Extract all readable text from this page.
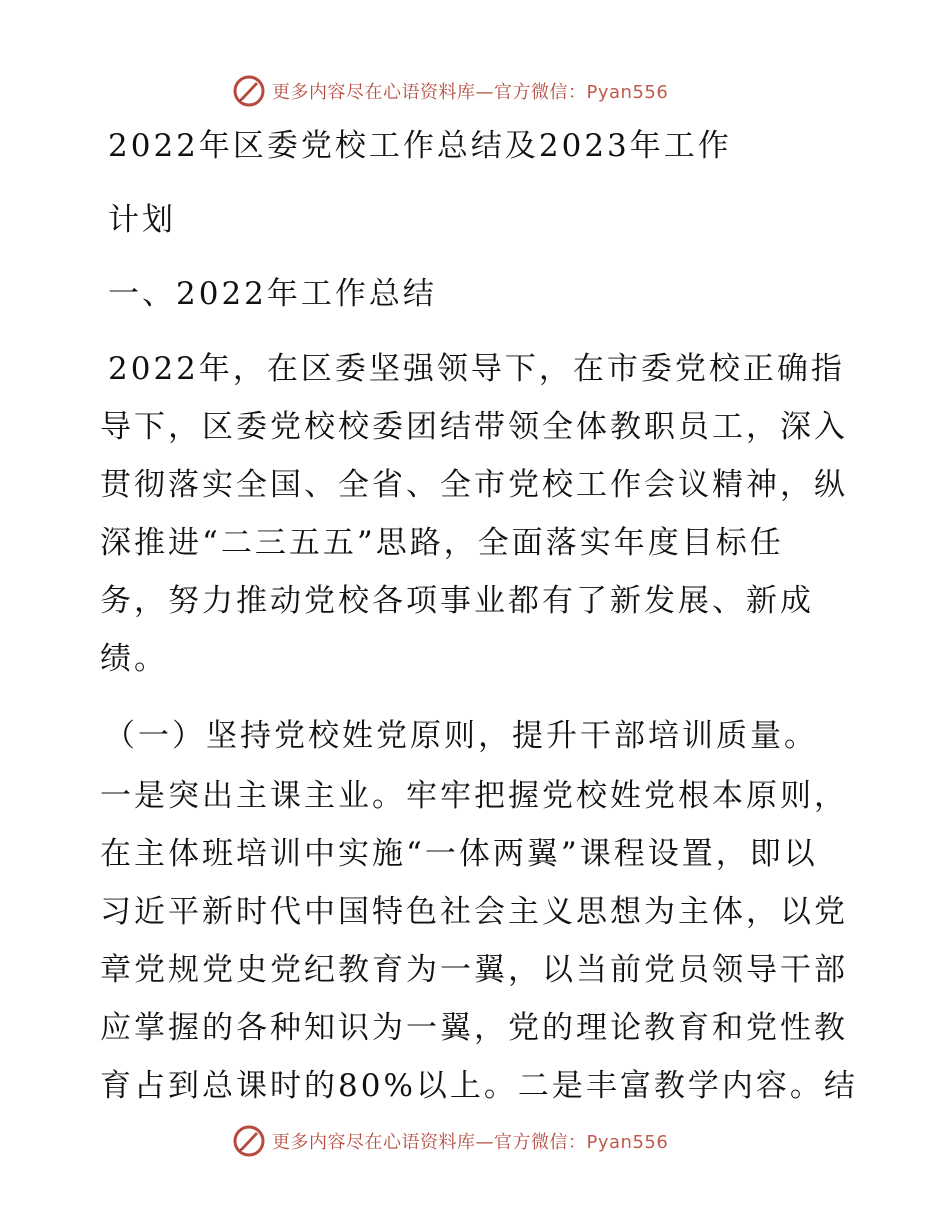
更多内容尽在心语资料库—官方微信：Pyan556
2022年区委党校工作总结及2023年工作
计划
一、2022年工作总结
2022年，在区委坚强领导下，在市委党校正确指
导下，区委党校校委团结带领全体教职员工，深入
贯彻落实全国、全省、全市党校工作会议精神，纵
深推进“二三五五”思路，全面落实年度目标任
务，努力推动党校各项事业都有了新发展、新成
绩。
（一）坚持党校姓党原则，提升干部培训质量。
一是突出主课主业。牢牢把握党校姓党根本原则，
在主体班培训中实施“一体两翼”课程设置，即以
习近平新时代中国特色社会主义思想为主体，以党
章党规党史党纪教育为一翼，以当前党员领导干部
应掌握的各种知识为一翼，党的理论教育和党性教
育占到总课时的80%以上。二是丰富教学内容。结
更多内容尽在心语资料库—官方微信：Pyan556
